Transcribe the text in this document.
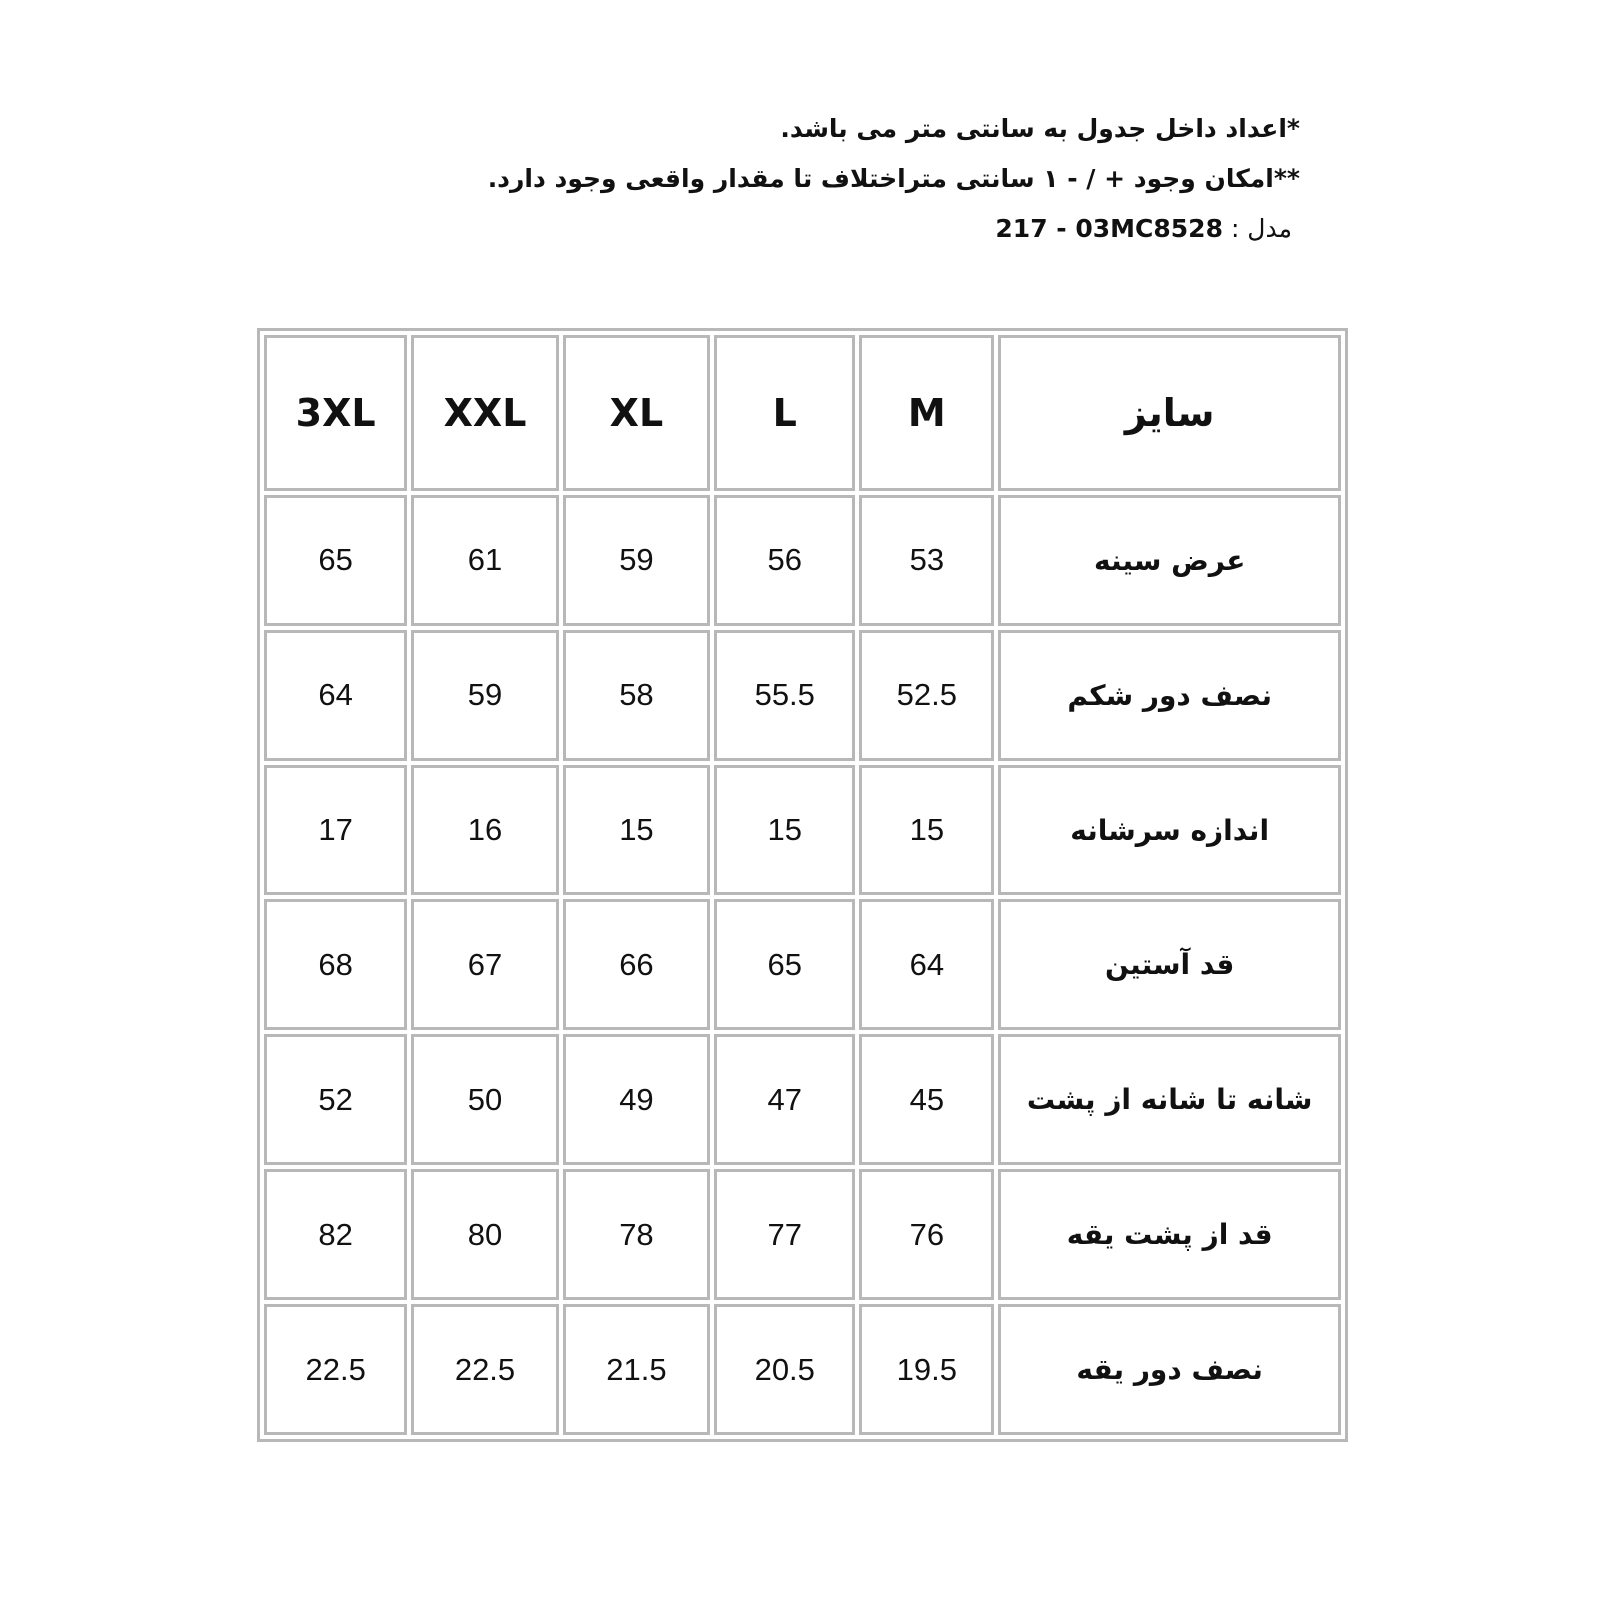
*اعداد داخل جدول به سانتی متر می باشد.
**امکان وجود + / - ۱ سانتی متراختلاف تا مقدار واقعی وجود دارد.
مدل : 217 - 03MC8528
3XL	XXL	XL	L	M	سایز
65	61	59	56	53	عرض سینه
64	59	58	55.5	52.5	نصف دور شکم
17	16	15	15	15	اندازه سرشانه
68	67	66	65	64	قد آستین
52	50	49	47	45	شانه تا شانه از پشت
82	80	78	77	76	قد از پشت یقه
22.5	22.5	21.5	20.5	19.5	نصف دور یقه
